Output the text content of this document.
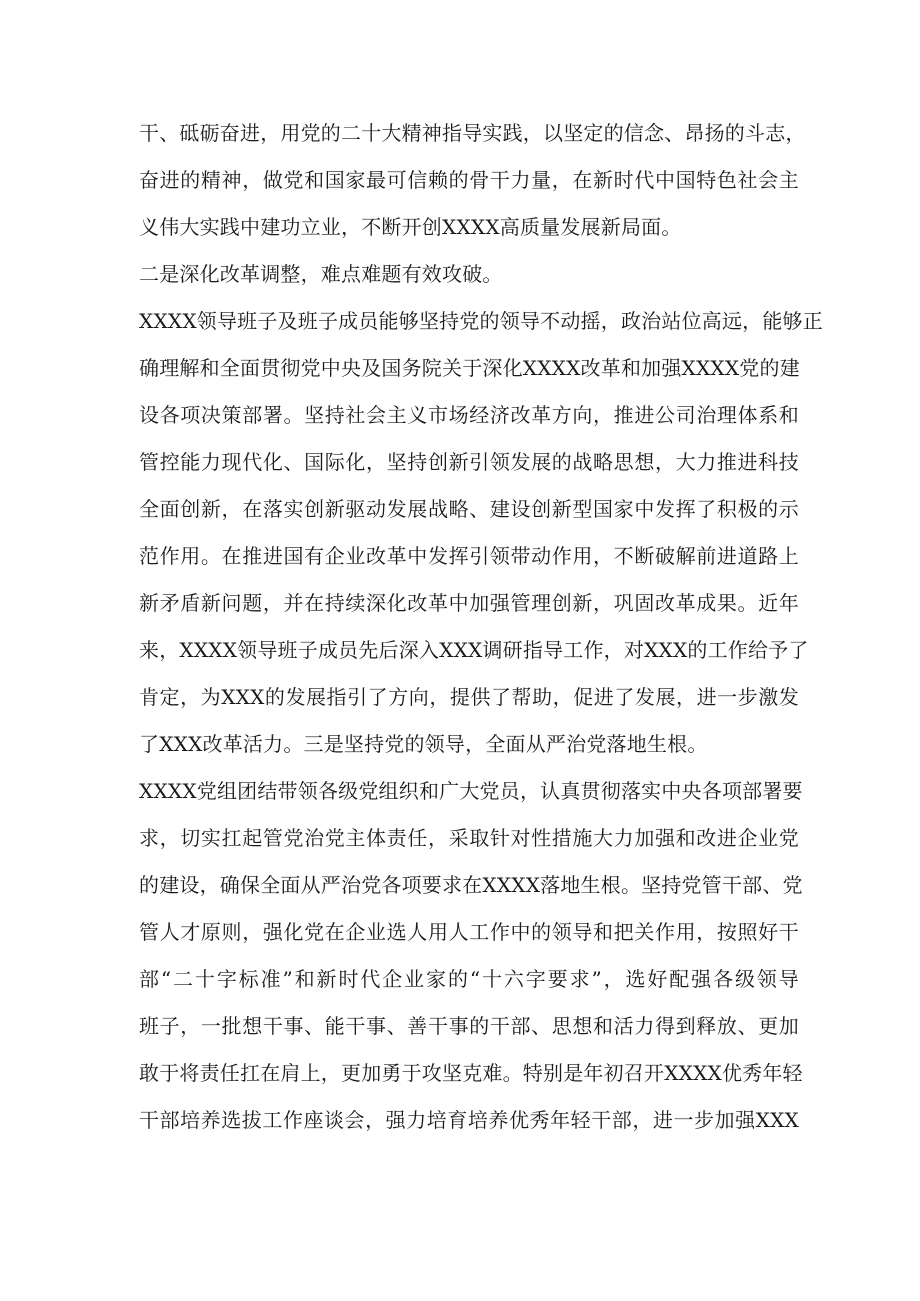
干、砥砺奋进，用党的二十大精神指导实践，以坚定的信念、昂扬的斗志，
奋进的精神，做党和国家最可信赖的骨干力量，在新时代中国特色社会主
义伟大实践中建功立业，不断开创XXXX高质量发展新局面。
二是深化改革调整，难点难题有效攻破。
XXXX领导班子及班子成员能够坚持党的领导不动摇，政治站位高远，能够正
确理解和全面贯彻党中央及国务院关于深化XXXX改革和加强XXXX党的建
设各项决策部署。坚持社会主义市场经济改革方向，推进公司治理体系和
管控能力现代化、国际化，坚持创新引领发展的战略思想，大力推进科技
全面创新，在落实创新驱动发展战略、建设创新型国家中发挥了积极的示
范作用。在推进国有企业改革中发挥引领带动作用，不断破解前进道路上
新矛盾新问题，并在持续深化改革中加强管理创新，巩固改革成果。近年
来，XXXX领导班子成员先后深入XXX调研指导工作，对XXX的工作给予了
肯定，为XXX的发展指引了方向，提供了帮助，促进了发展，进一步激发
了XXX改革活力。三是坚持党的领导，全面从严治党落地生根。
XXXX党组团结带领各级党组织和广大党员，认真贯彻落实中央各项部署要
求，切实扛起管党治党主体责任，采取针对性措施大力加强和改进企业党
的建设，确保全面从严治党各项要求在XXXX落地生根。坚持党管干部、党
管人才原则，强化党在企业选人用人工作中的领导和把关作用，按照好干
部“二十字标准”和新时代企业家的“十六字要求”，选好配强各级领导
班子，一批想干事、能干事、善干事的干部、思想和活力得到释放、更加
敢于将责任扛在肩上，更加勇于攻坚克难。特别是年初召开XXXX优秀年轻
干部培养选拔工作座谈会，强力培育培养优秀年轻干部，进一步加强XXX
